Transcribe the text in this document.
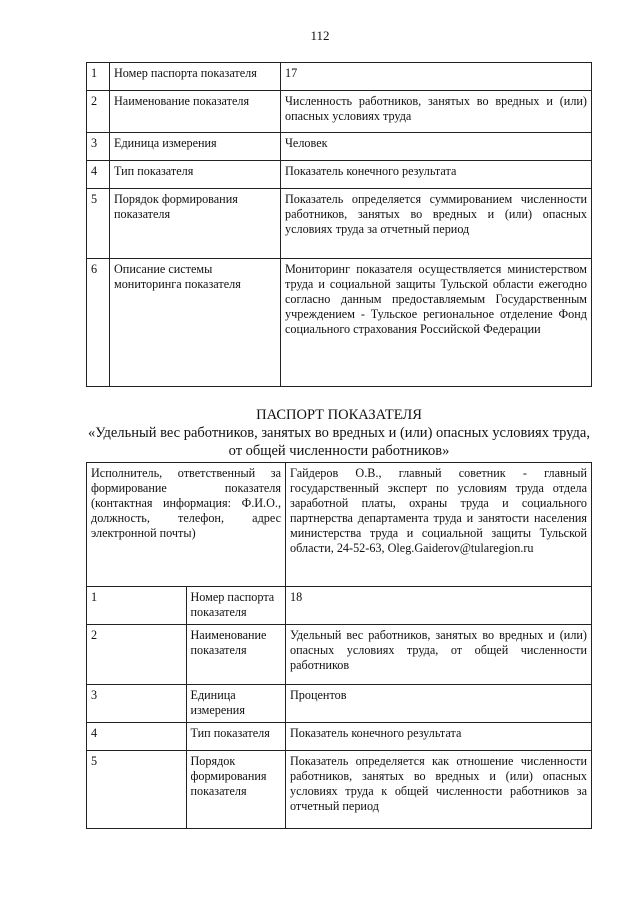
112
1	Номер паспорта показателя	17
2	Наименование показателя	Численность работников, занятых во вредных и (или) опасных условиях труда
3	Единица измерения	Человек
4	Тип показателя	Показатель конечного результата
5	Порядок формирования показателя	Показатель определяется суммированием численности работников, занятых во вредных и (или) опасных условиях труда за отчетный период
6	Описание системы мониторинга показателя	Мониторинг показателя осуществляется министерством труда и социальной защиты Тульской области ежегодно согласно данным предоставляемым Государственным учреждением - Тульское региональное отделение Фонд социального страхования Российской Федерации
ПАСПОРТ ПОКАЗАТЕЛЯ
«Удельный вес работников, занятых во вредных и (или) опасных условиях труда, от общей численности работников»
Исполнитель, ответственный за формирование показателя (контактная информация: Ф.И.О., должность, телефон, адрес электронной почты)		Гайдеров О.В., главный советник - главный государственный эксперт по условиям труда отдела заработной платы, охраны труда и социального партнерства департамента труда и занятости населения министерства труда и социальной защиты Тульской области, 24-52-63, Oleg.Gaiderov@tularegion.ru
1	Номер паспорта показателя	18
2	Наименование показателя	Удельный вес работников, занятых во вредных и (или) опасных условиях труда, от общей численности работников
3	Единица измерения	Процентов
4	Тип показателя	Показатель конечного результата
5	Порядок формирования показателя	Показатель определяется как отношение численности работников, занятых во вредных и (или) опасных условиях труда к общей численности работников за отчетный период
